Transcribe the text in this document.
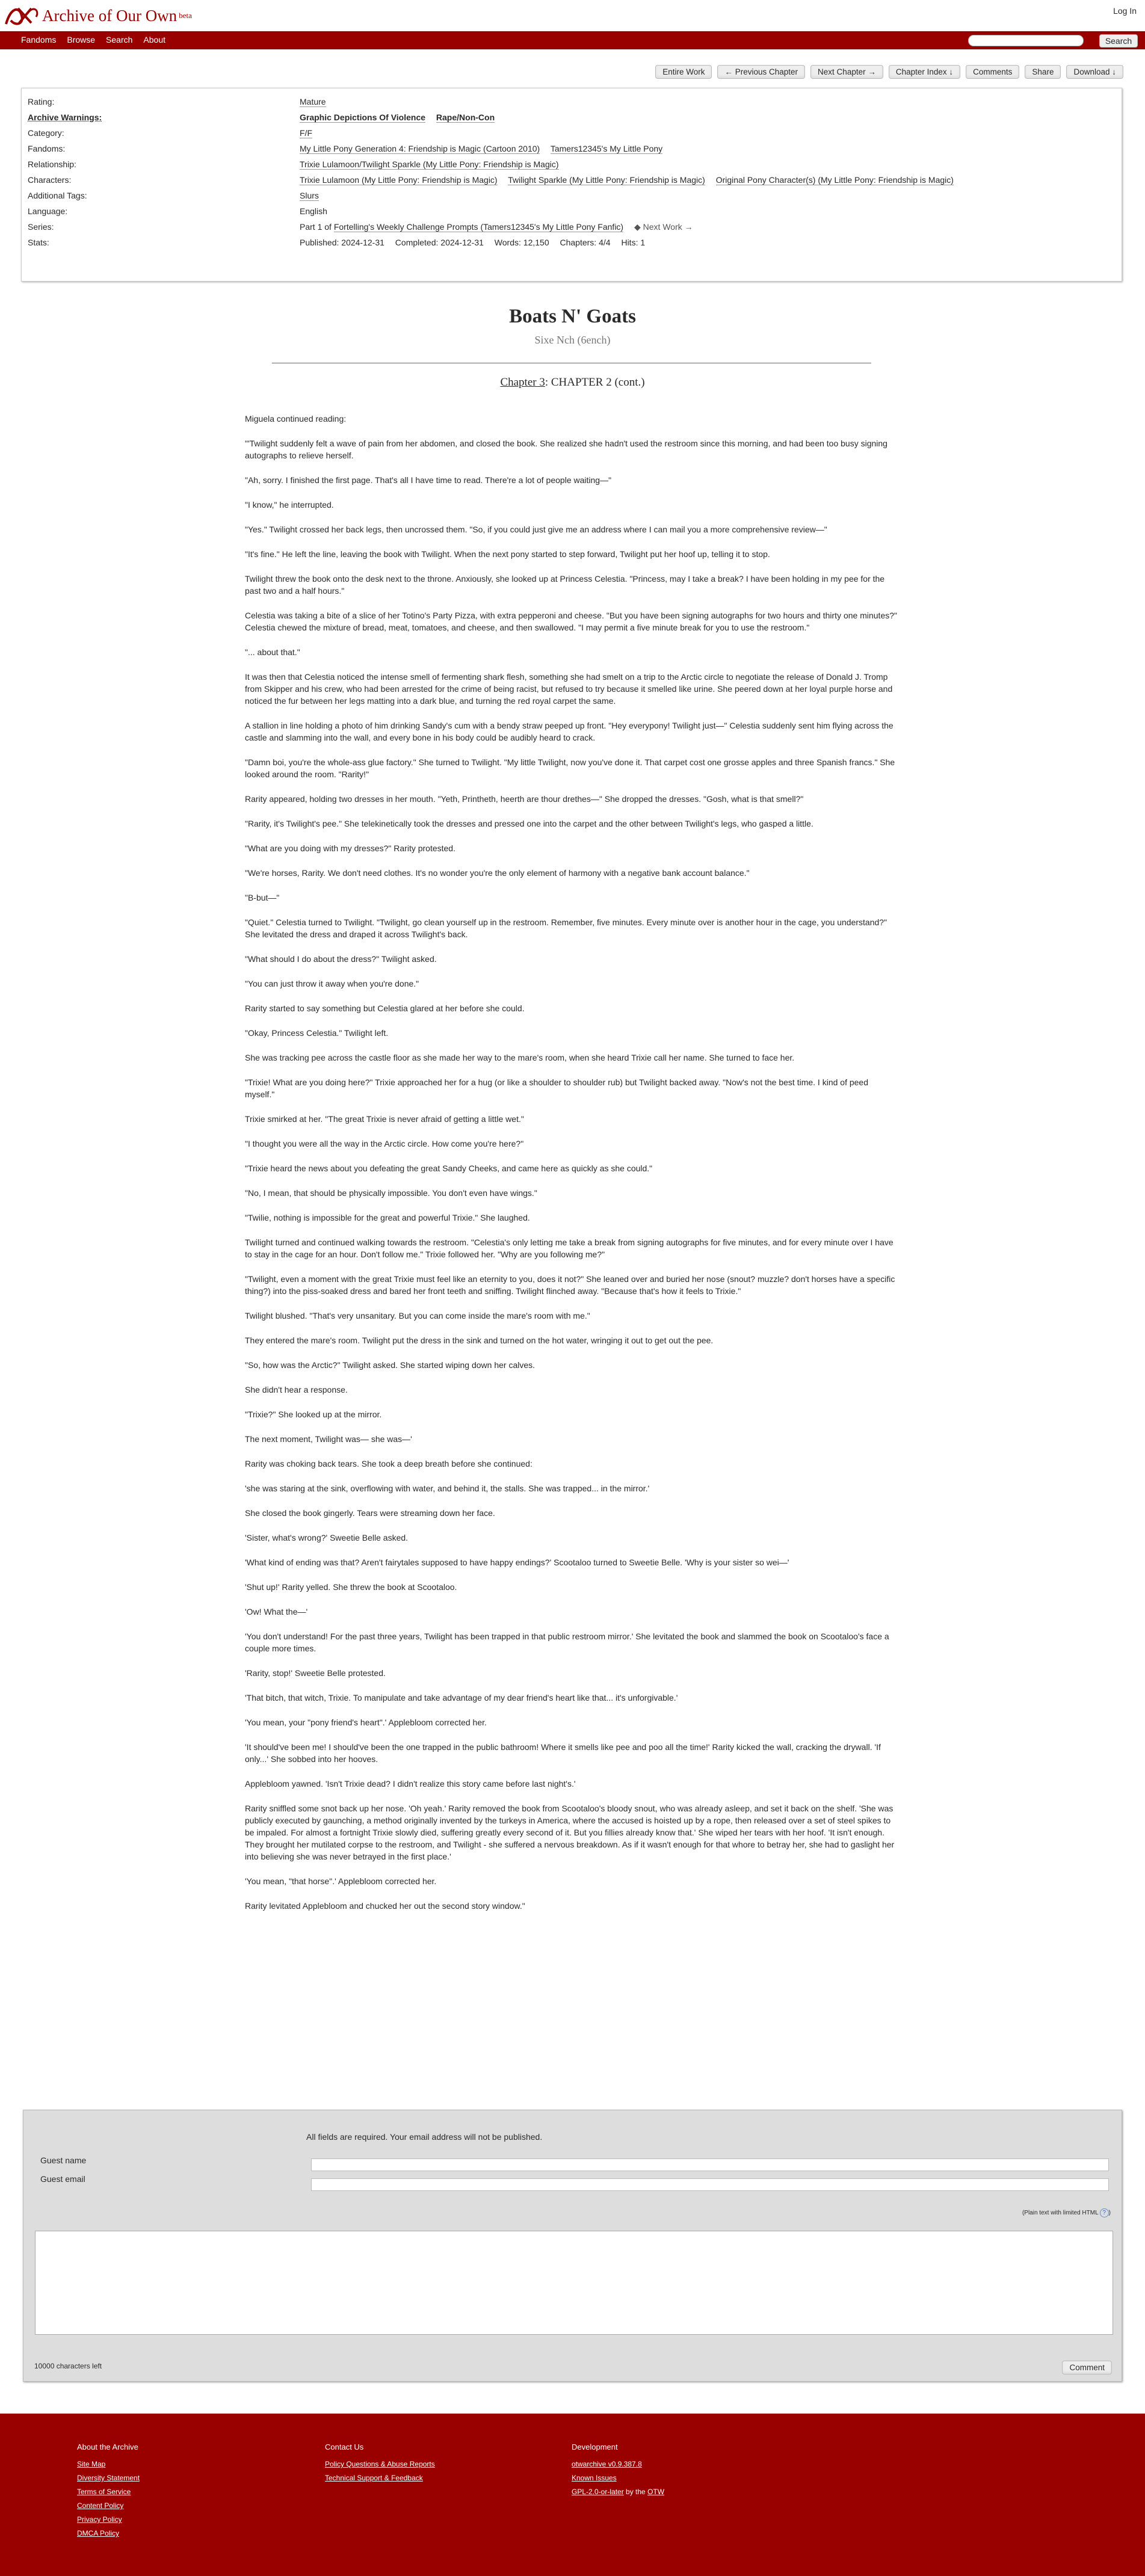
Archive of Our Own beta	Log In
Fandoms	Browse	Search	About	Search
Entire Work	← Previous Chapter	Next Chapter →	Chapter Index ↓	Comments	Share	Download ↓
Rating:	Mature
Archive Warnings:	Graphic Depictions Of Violence Rape/Non-Con
Category:	F/F
Fandoms:	My Little Pony Generation 4: Friendship is Magic (Cartoon 2010) Tamers12345's My Little Pony
Relationship:	Trixie Lulamoon/Twilight Sparkle (My Little Pony: Friendship is Magic)
Characters:	Trixie Lulamoon (My Little Pony: Friendship is Magic) Twilight Sparkle (My Little Pony: Friendship is Magic) Original Pony Character(s) (My Little Pony: Friendship is Magic)
Additional Tags:	Slurs
Language:	English
Series:	Part 1 of Fortelling's Weekly Challenge Prompts (Tamers12345's My Little Pony Fanfic) ◆ Next Work →
Stats:	Published: 2024-12-31 Completed: 2024-12-31 Words: 12,150 Chapters: 4/4 Hits: 1
Boats N' Goats
Sixe Nch (6ench)
Chapter 3: CHAPTER 2 (cont.)

Miguela continued reading:

"'Twilight suddenly felt a wave of pain from her abdomen, and closed the book. She realized she hadn't used the restroom since this morning, and had been too busy signing autographs to relieve herself.

"Ah, sorry. I finished the first page. That's all I have time to read. There're a lot of people waiting—"

"I know," he interrupted.

"Yes." Twilight crossed her back legs, then uncrossed them. "So, if you could just give me an address where I can mail you a more comprehensive review—"

"It's fine." He left the line, leaving the book with Twilight. When the next pony started to step forward, Twilight put her hoof up, telling it to stop.

Twilight threw the book onto the desk next to the throne. Anxiously, she looked up at Princess Celestia. "Princess, may I take a break? I have been holding in my pee for the past two and a half hours."

Celestia was taking a bite of a slice of her Totino's Party Pizza, with extra pepperoni and cheese. "But you have been signing autographs for two hours and thirty one minutes?" Celestia chewed the mixture of bread, meat, tomatoes, and cheese, and then swallowed. "I may permit a five minute break for you to use the restroom."

"... about that."

It was then that Celestia noticed the intense smell of fermenting shark flesh, something she had smelt on a trip to the Arctic circle to negotiate the release of Donald J. Tromp from Skipper and his crew, who had been arrested for the crime of being racist, but refused to try because it smelled like urine. She peered down at her loyal purple horse and noticed the fur between her legs matting into a dark blue, and turning the red royal carpet the same.

A stallion in line holding a photo of him drinking Sandy's cum with a bendy straw peeped up front. "Hey everypony! Twilight just—" Celestia suddenly sent him flying across the castle and slamming into the wall, and every bone in his body could be audibly heard to crack.

"Damn boi, you're the whole-ass glue factory." She turned to Twilight. "My little Twilight, now you've done it. That carpet cost one grosse apples and three Spanish francs." She looked around the room. "Rarity!"

Rarity appeared, holding two dresses in her mouth. "Yeth, Printheth, heerth are thour drethes—" She dropped the dresses. "Gosh, what is that smell?"

"Rarity, it's Twilight's pee." She telekinetically took the dresses and pressed one into the carpet and the other between Twilight's legs, who gasped a little.

"What are you doing with my dresses?" Rarity protested.

"We're horses, Rarity. We don't need clothes. It's no wonder you're the only element of harmony with a negative bank account balance."

"B-but—"

"Quiet." Celestia turned to Twilight. "Twilight, go clean yourself up in the restroom. Remember, five minutes. Every minute over is another hour in the cage, you understand?" She levitated the dress and draped it across Twilight's back.

"What should I do about the dress?" Twilight asked.

"You can just throw it away when you're done."

Rarity started to say something but Celestia glared at her before she could.

"Okay, Princess Celestia." Twilight left.

She was tracking pee across the castle floor as she made her way to the mare's room, when she heard Trixie call her name. She turned to face her.

"Trixie! What are you doing here?" Trixie approached her for a hug (or like a shoulder to shoulder rub) but Twilight backed away. "Now's not the best time. I kind of peed myself."

Trixie smirked at her. "The great Trixie is never afraid of getting a little wet."

"I thought you were all the way in the Arctic circle. How come you're here?"

"Trixie heard the news about you defeating the great Sandy Cheeks, and came here as quickly as she could."

"No, I mean, that should be physically impossible. You don't even have wings."

"Twilie, nothing is impossible for the great and powerful Trixie." She laughed.

Twilight turned and continued walking towards the restroom. "Celestia's only letting me take a break from signing autographs for five minutes, and for every minute over I have to stay in the cage for an hour. Don't follow me." Trixie followed her. "Why are you following me?"

"Twilight, even a moment with the great Trixie must feel like an eternity to you, does it not?" She leaned over and buried her nose (snout? muzzle? don't horses have a specific thing?) into the piss-soaked dress and bared her front teeth and sniffing. Twilight flinched away. "Because that's how it feels to Trixie."

Twilight blushed. "That's very unsanitary. But you can come inside the mare's room with me."

They entered the mare's room. Twilight put the dress in the sink and turned on the hot water, wringing it out to get out the pee.

"So, how was the Arctic?" Twilight asked. She started wiping down her calves.

She didn't hear a response.

"Trixie?" She looked up at the mirror.

The next moment, Twilight was— she was—'

Rarity was choking back tears. She took a deep breath before she continued:

'she was staring at the sink, overflowing with water, and behind it, the stalls. She was trapped... in the mirror.'

She closed the book gingerly. Tears were streaming down her face.

'Sister, what's wrong?' Sweetie Belle asked.

'What kind of ending was that? Aren't fairytales supposed to have happy endings?' Scootaloo turned to Sweetie Belle. 'Why is your sister so wei—'

'Shut up!' Rarity yelled. She threw the book at Scootaloo.

'Ow! What the—'

'You don't understand! For the past three years, Twilight has been trapped in that public restroom mirror.' She levitated the book and slammed the book on Scootaloo's face a couple more times.

'Rarity, stop!' Sweetie Belle protested.

'That bitch, that witch, Trixie. To manipulate and take advantage of my dear friend's heart like that... it's unforgivable.'

'You mean, your "pony friend's heart".' Applebloom corrected her.

'It should've been me! I should've been the one trapped in the public bathroom! Where it smells like pee and poo all the time!' Rarity kicked the wall, cracking the drywall. 'If only...' She sobbed into her hooves.

Applebloom yawned. 'Isn't Trixie dead? I didn't realize this story came before last night's.'

Rarity sniffled some snot back up her nose. 'Oh yeah.' Rarity removed the book from Scootaloo's bloody snout, who was already asleep, and set it back on the shelf. 'She was publicly executed by gaunching, a method originally invented by the turkeys in America, where the accused is hoisted up by a rope, then released over a set of steel spikes to be impaled. For almost a fortnight Trixie slowly died, suffering greatly every second of it. But you fillies already know that.' She wiped her tears with her hoof. 'It isn't enough. They brought her mutilated corpse to the restroom, and Twilight - she suffered a nervous breakdown. As if it wasn't enough for that whore to betray her, she had to gaslight her into believing she was never betrayed in the first place.'

'You mean, "that horse".' Applebloom corrected her.

Rarity levitated Applebloom and chucked her out the second story window."

All fields are required. Your email address will not be published.
Guest name
Guest email
(Plain text with limited HTML ? )
10000 characters left	Comment
About the Archive
Site Map
Diversity Statement
Terms of Service
Content Policy
Privacy Policy
DMCA Policy
Contact Us
Policy Questions & Abuse Reports
Technical Support & Feedback
Development
otwarchive v0.9.387.8
Known Issues
GPL-2.0-or-later by the OTW
